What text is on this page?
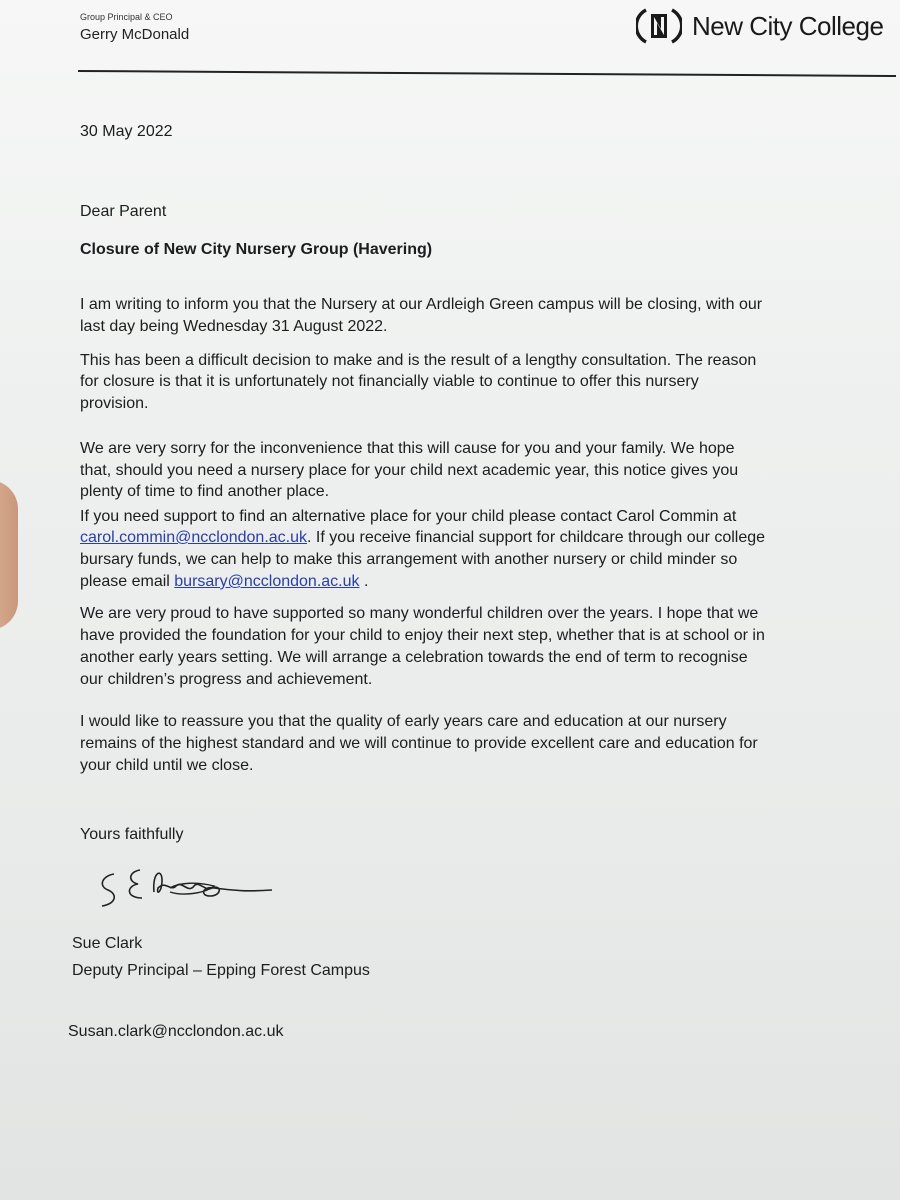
Group Principal & CEO
Gerry McDonald	New City College
30 May 2022
Dear Parent
Closure of New City Nursery Group (Havering)
I am writing to inform you that the Nursery at our Ardleigh Green campus will be closing, with our
last day being Wednesday 31 August 2022.
This has been a difficult decision to make and is the result of a lengthy consultation. The reason
for closure is that it is unfortunately not financially viable to continue to offer this nursery
provision.
We are very sorry for the inconvenience that this will cause for you and your family. We hope
that, should you need a nursery place for your child next academic year, this notice gives you
plenty of time to find another place.
If you need support to find an alternative place for your child please contact Carol Commin at
carol.commin@ncclondon.ac.uk. If you receive financial support for childcare through our college
bursary funds, we can help to make this arrangement with another nursery or child minder so
please email bursary@ncclondon.ac.uk .
We are very proud to have supported so many wonderful children over the years. I hope that we
have provided the foundation for your child to enjoy their next step, whether that is at school or in
another early years setting. We will arrange a celebration towards the end of term to recognise
our children’s progress and achievement.
I would like to reassure you that the quality of early years care and education at our nursery
remains of the highest standard and we will continue to provide excellent care and education for
your child until we close.
Yours faithfully
Sue Clark
Deputy Principal – Epping Forest Campus
Susan.clark@ncclondon.ac.uk
